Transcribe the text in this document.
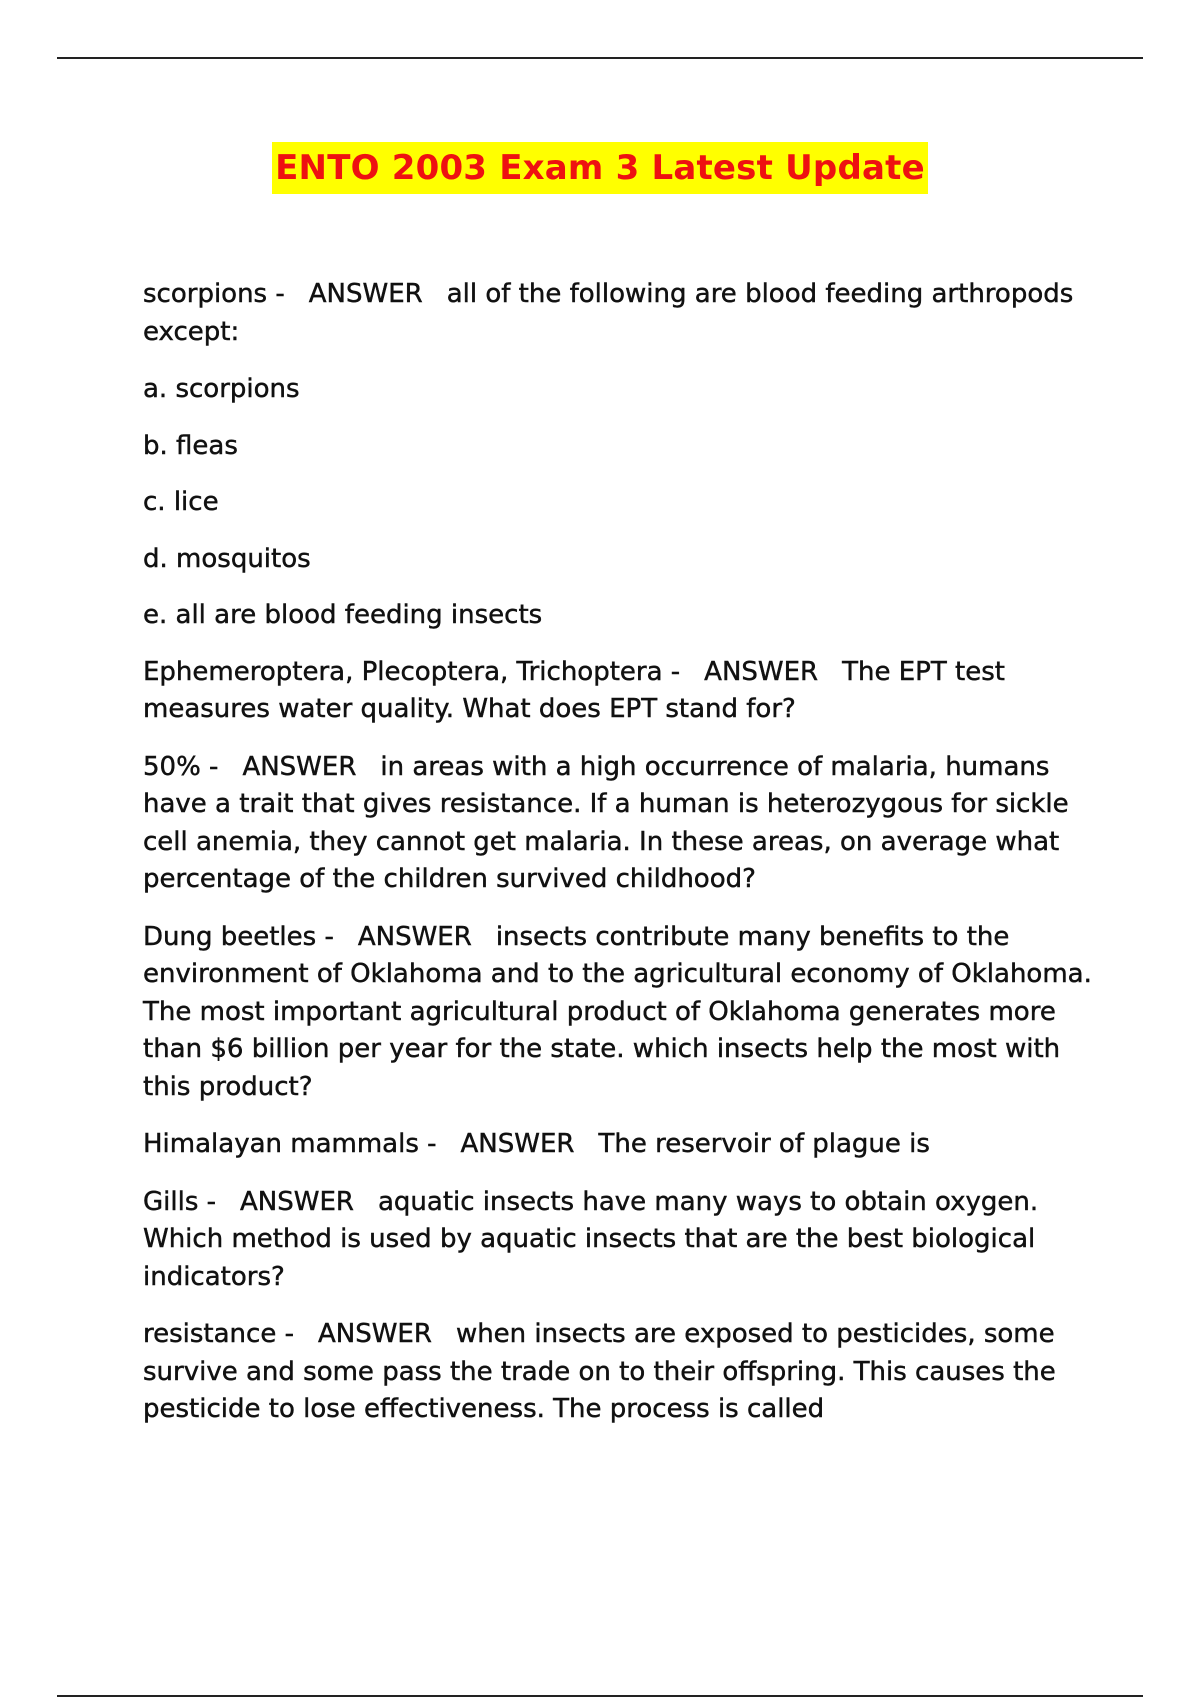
ENTO 2003 Exam 3 Latest Update
scorpions - ANSWER all of the following are blood feeding arthropods except:
a. scorpions
b. fleas
c. lice
d. mosquitos
e. all are blood feeding insects
Ephemeroptera, Plecoptera, Trichoptera - ANSWER The EPT test measures water quality. What does EPT stand for?
50% - ANSWER in areas with a high occurrence of malaria, humans have a trait that gives resistance. If a human is heterozygous for sickle cell anemia, they cannot get malaria. In these areas, on average what percentage of the children survived childhood?
Dung beetles - ANSWER insects contribute many benefits to the environment of Oklahoma and to the agricultural economy of Oklahoma. The most important agricultural product of Oklahoma generates more than $6 billion per year for the state. which insects help the most with this product?
Himalayan mammals - ANSWER The reservoir of plague is
Gills - ANSWER aquatic insects have many ways to obtain oxygen. Which method is used by aquatic insects that are the best biological indicators?
resistance - ANSWER when insects are exposed to pesticides, some survive and some pass the trade on to their offspring. This causes the pesticide to lose effectiveness. The process is called
